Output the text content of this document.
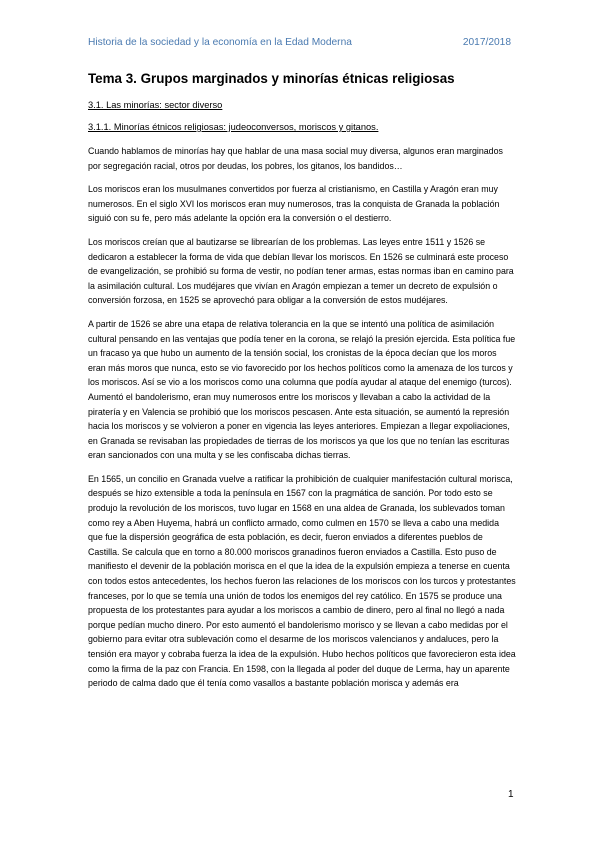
Historia de la sociedad y la economía en la Edad Moderna	2017/2018
Tema 3. Grupos marginados y minorías étnicas religiosas
3.1. Las minorías: sector diverso
3.1.1. Minorías étnicos religiosas: judeoconversos, moriscos y gitanos.

Cuando hablamos de minorías hay que hablar de una masa social muy diversa, algunos eran marginados por segregación racial, otros por deudas, los pobres, los gitanos, los bandidos…

Los moriscos eran los musulmanes convertidos por fuerza al cristianismo, en Castilla y Aragón eran muy numerosos. En el siglo XVI los moriscos eran muy numerosos, tras la conquista de Granada la población siguió con su fe, pero más adelante la opción era la conversión o el destierro.

Los moriscos creían que al bautizarse se librearían de los problemas. Las leyes entre 1511 y 1526 se dedicaron a establecer la forma de vida que debían llevar los moriscos. En 1526 se culminará este proceso de evangelización, se prohibió su forma de vestir, no podían tener armas, estas normas iban en camino para la asimilación cultural. Los mudéjares que vivían en Aragón empiezan a temer un decreto de expulsión o conversión forzosa, en 1525 se aprovechó para obligar a la conversión de estos mudéjares.

A partir de 1526 se abre una etapa de relativa tolerancia en la que se intentó una política de asimilación cultural pensando en las ventajas que podía tener en la corona, se relajó la presión ejercida. Esta política fue un fracaso ya que hubo un aumento de la tensión social, los cronistas de la época decían que los moros eran más moros que nunca, esto se vio favorecido por los hechos políticos como la amenaza de los turcos y los moriscos. Así se vio a los moriscos como una columna que podía ayudar al ataque del enemigo (turcos). Aumentó el bandolerismo, eran muy numerosos entre los moriscos y llevaban a cabo la actividad de la piratería y en Valencia se prohibió que los moriscos pescasen. Ante esta situación, se aumentó la represión hacia los moriscos y se volvieron a poner en vigencia las leyes anteriores. Empiezan a llegar expoliaciones, en Granada se revisaban las propiedades de tierras de los moriscos ya que los que no tenían las escrituras eran sancionados con una multa y se les confiscaba dichas tierras.

En 1565, un concilio en Granada vuelve a ratificar la prohibición de cualquier manifestación cultural morisca, después se hizo extensible a toda la península en 1567 con la pragmática de sanción. Por todo esto se produjo la revolución de los moriscos, tuvo lugar en 1568 en una aldea de Granada, los sublevados toman como rey a Aben Huyema, habrá un conflicto armado, como culmen en 1570 se lleva a cabo una medida que fue la dispersión geográfica de esta población, es decir, fueron enviados a diferentes pueblos de Castilla. Se calcula que en torno a 80.000 moriscos granadinos fueron enviados a Castilla. Esto puso de manifiesto el devenir de la población morisca en el que la idea de la expulsión empieza a tenerse en cuenta con todos estos antecedentes, los hechos fueron las relaciones de los moriscos con los turcos y protestantes franceses, por lo que se temía una unión de todos los enemigos del rey católico. En 1575 se produce una propuesta de los protestantes para ayudar a los moriscos a cambio de dinero, pero al final no llegó a nada porque pedían mucho dinero. Por esto aumentó el bandolerismo morisco y se llevan a cabo medidas por el gobierno para evitar otra sublevación como el desarme de los moriscos valencianos y andaluces, pero la tensión era mayor y cobraba fuerza la idea de la expulsión. Hubo hechos políticos que favorecieron esta idea como la firma de la paz con Francia. En 1598, con la llegada al poder del duque de Lerma, hay un aparente periodo de calma dado que él tenía como vasallos a bastante población morisca y además era

1
